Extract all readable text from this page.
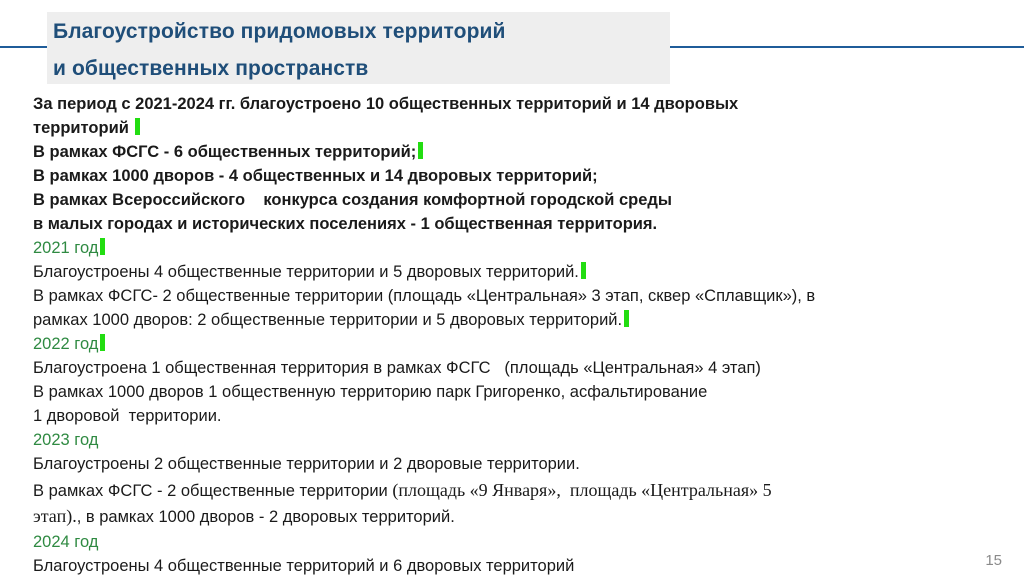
Благоустройство придомовых территорий
и общественных пространств
За период с 2021-2024 гг. благоустроено 10 общественных территорий и 14 дворовых
территорий
В рамках ФСГС - 6 общественных территорий;
В рамках 1000 дворов - 4 общественных и 14 дворовых территорий;
В рамках Всероссийского    конкурса создания комфортной городской среды
в малых городах и исторических поселениях - 1 общественная территория.
2021 год
Благоустроены 4 общественные территории и 5 дворовых территорий.
В рамках ФСГС- 2 общественные территории (площадь «Центральная» 3 этап, сквер «Сплавщик»), в
рамках 1000 дворов: 2 общественные территории и 5 дворовых территорий.
2022 год
Благоустроена 1 общественная территория в рамках ФСГС   (площадь «Центральная» 4 этап)
В рамках 1000 дворов 1 общественную территорию парк Григоренко, асфальтирование
1 дворовой  территории.
2023 год
Благоустроены 2 общественные территории и 2 дворовые территории.
В рамках ФСГС - 2 общественные территории (площадь «9 Января»,  площадь «Центральная» 5
этап)., в рамках 1000 дворов - 2 дворовых территорий.
2024 год
Благоустроены 4 общественные территорий и 6 дворовых территорий	15
